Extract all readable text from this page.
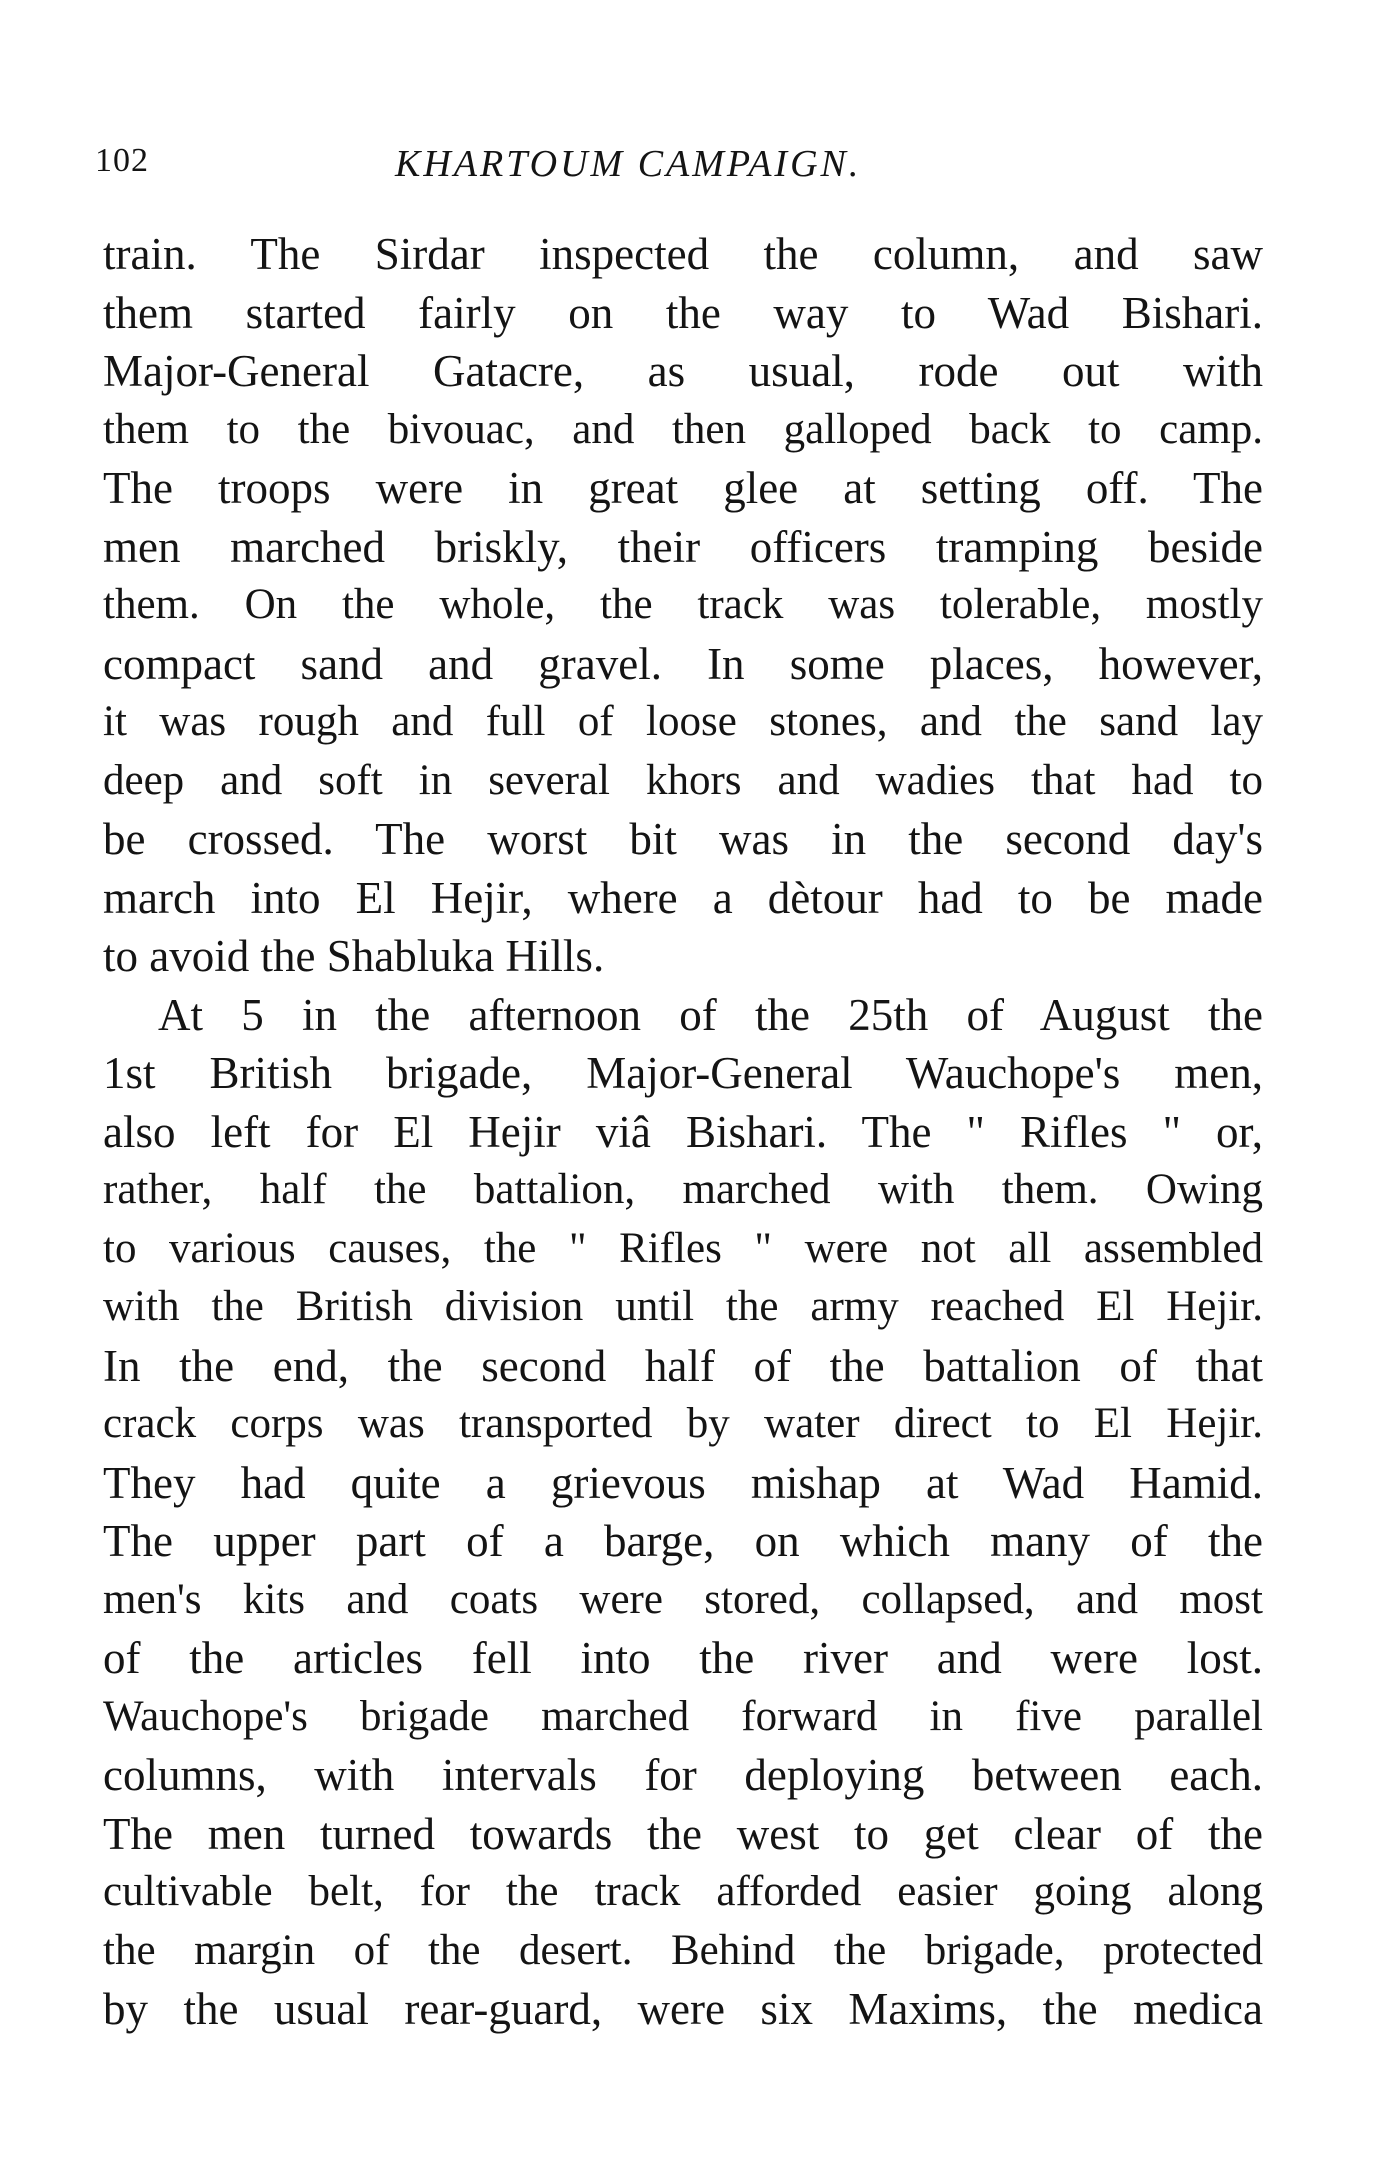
102	KHARTOUM CAMPAIGN.
train. The Sirdar inspected the column, and saw
them started fairly on the way to Wad Bishari.
Major-General Gatacre, as usual, rode out with
them to the bivouac, and then galloped back to camp.
The troops were in great glee at setting off. The
men marched briskly, their officers tramping beside
them. On the whole, the track was tolerable, mostly
compact sand and gravel. In some places, however,
it was rough and full of loose stones, and the sand lay
deep and soft in several khors and wadies that had to
be crossed. The worst bit was in the second day's
march into El Hejir, where a dètour had to be made
to avoid the Shabluka Hills.
At 5 in the afternoon of the 25th of August the
1st British brigade, Major-General Wauchope's men,
also left for El Hejir viâ Bishari. The " Rifles " or,
rather, half the battalion, marched with them. Owing
to various causes, the " Rifles " were not all assembled
with the British division until the army reached El Hejir.
In the end, the second half of the battalion of that
crack corps was transported by water direct to El Hejir.
They had quite a grievous mishap at Wad Hamid.
The upper part of a barge, on which many of the
men's kits and coats were stored, collapsed, and most
of the articles fell into the river and were lost.
Wauchope's brigade marched forward in five parallel
columns, with intervals for deploying between each.
The men turned towards the west to get clear of the
cultivable belt, for the track afforded easier going along
the margin of the desert. Behind the brigade, protected
by the usual rear-guard, were six Maxims, the medica
